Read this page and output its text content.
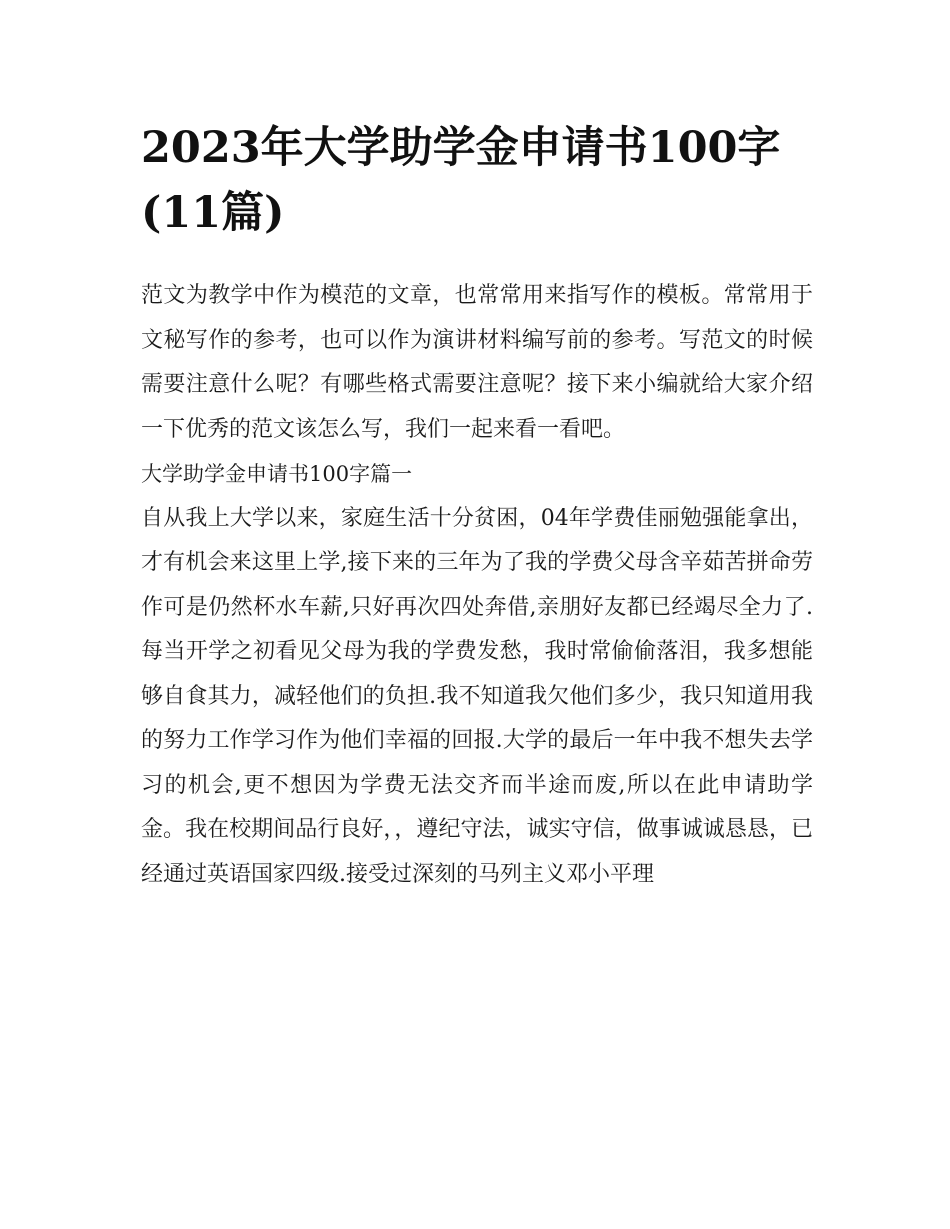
2023年大学助学金申请书100字(11篇)

范文为教学中作为模范的文章，也常常用来指写作的模板。常常用于文秘写作的参考，也可以作为演讲材料编写前的参考。写范文的时候需要注意什么呢？有哪些格式需要注意呢？接下来小编就给大家介绍一下优秀的范文该怎么写，我们一起来看一看吧。

大学助学金申请书100字篇一

自从我上大学以来，家庭生活十分贫困，04年学费佳丽勉强能拿出，才有机会来这里上学,接下来的三年为了我的学费父母含辛茹苦拼命劳作可是仍然杯水车薪,只好再次四处奔借,亲朋好友都已经竭尽全力了.每当开学之初看见父母为我的学费发愁，我时常偷偷落泪，我多想能够自食其力，减轻他们的负担.我不知道我欠他们多少，我只知道用我的努力工作学习作为他们幸福的回报.大学的最后一年中我不想失去学习的机会,更不想因为学费无法交齐而半途而废,所以在此申请助学金。我在校期间品行良好，，遵纪守法，诚实守信，做事诚诚恳恳，已经通过英语国家四级.接受过深刻的马列主义邓小平理
